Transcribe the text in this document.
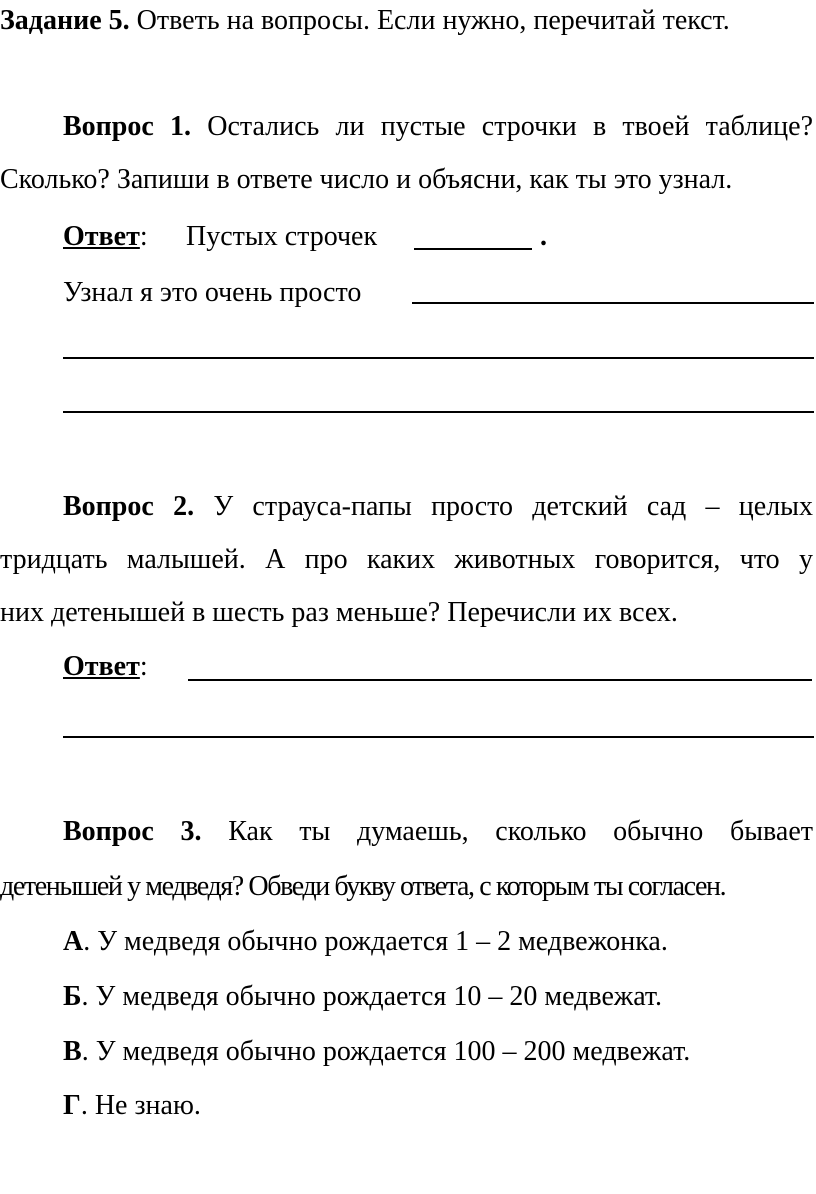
Задание 5. Ответь на вопросы. Если нужно, перечитай текст.
Вопрос 1. Остались ли пустые строчки в твоей таблице?
Сколько? Запиши в ответе число и объясни, как ты это узнал.
Ответ: Пустых строчек	.
Узнал я это очень просто
Вопрос 2. У страуса-папы просто детский сад – целых
тридцать малышей. А про каких животных говорится, что у
них детенышей в шесть раз меньше? Перечисли их всех.
Ответ:
Вопрос 3. Как ты думаешь, сколько обычно бывает
детенышей у медведя? Обведи букву ответа, с которым ты согласен.
А. У медведя обычно рождается 1 – 2 медвежонка.
Б. У медведя обычно рождается 10 – 20 медвежат.
В. У медведя обычно рождается 100 – 200 медвежат.
Г. Не знаю.
